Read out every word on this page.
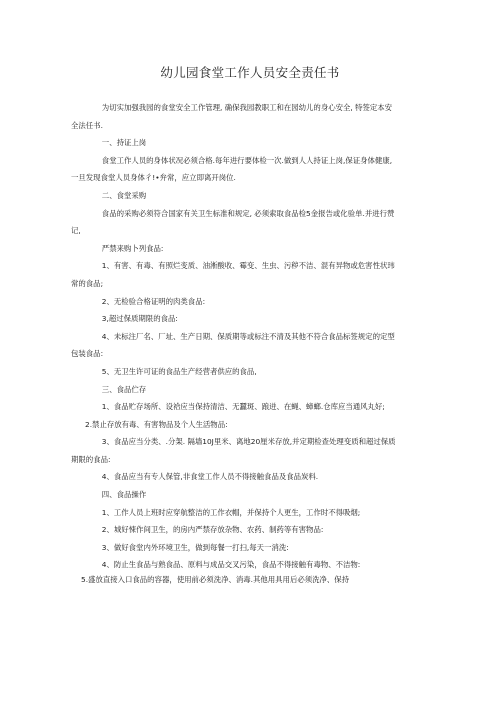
幼儿园食堂工作人员安全责任书

为切实加强我园的食堂安全工作管理, 确保我园教职工和在园幼儿的身心安全, 特签定本安
全法任书.

一、持证上岗

食堂工作人员的身体状况必须合格.每年进行要体检一次.做到人人持证上岗,保证身体健康,
一旦发现食堂人员身体彳!•弁常，应立即离开岗位.

二、食堂采购

食品的采购必须符合国家有关卫生标准和规定, 必须索取食品检5金报告或化验单.并进行赞
记,

严禁来购卜列食品:

1、有害、有毒、有照烂变质、油淅酸收、霉变、生虫、污秽不洁、混有异物或危害性状玮
常的食品;

2、无检验合格证明的肉类食品:

3,超过保质期限的食品:

4、未标注厂名、厂址、生产日期、保质期等或标注不清及其他不符合食品标签规定的定型
包装食品:

5、无卫生许可证的食品生产经营者供应的食品,

三、食品伫存

1、食品贮存场所、设袷应当保持清洁、无蠶斑、踉迸、在蝇、蟑螂.仓库应当通风丸好;

2.禁止存放有毒、有害物品及个人生活物品:

3、食品应当分类、.分架. 隔墙10J里米、离地20厘米存放,并定期检查处理变质和超过保质
期限的食品:

4、食品应当有专人保管,非食堂工作人员不得接触食品及食品炭料.

四、食品操作

1、工作人员上班时应穿航整洁的工作衣帽，并保持个人更生，工作时不得吸烟;

2、城好悚作间卫生，的房内严禁存放杂物、农药、制药等有害物品:

3、做好食堂内外环境卫生，做到每餐一打扫,每天一消洗:

4、防止生食品与熟食品、原料与成品交叉污染，食品不得接触有毒物、不洁物:

5.盛放直接入口食品的容器，使用前必须洗净、消毒.其他用具用后必须洗净、保持
